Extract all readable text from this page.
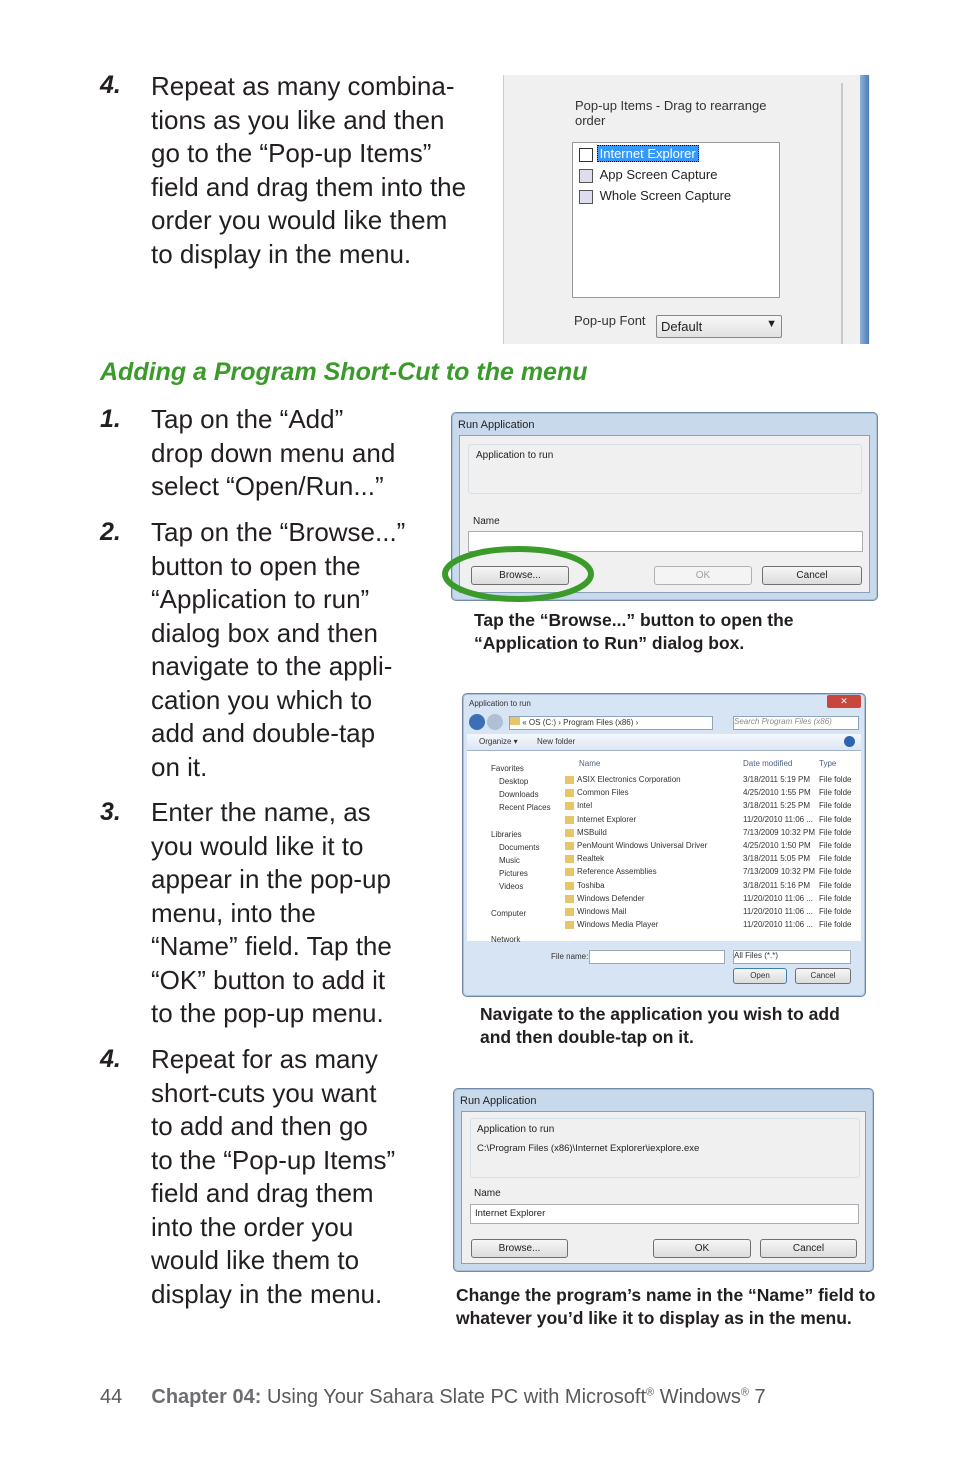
4. Repeat as many combina-
tions as you like and then
go to the “Pop-up Items”
field and drag them into the
order you would like them
to display in the menu.
Pop-up Items - Drag to rearrange
order
Internet Explorer
App Screen Capture
Whole Screen Capture
Pop-up Font Default	▼
Adding a Program Short-Cut to the menu
1. Tap on the “Add”
drop down menu and
select “Open/Run...”
2. Tap on the “Browse...”
button to open the
“Application to run”
dialog box and then
navigate to the appli-
cation you which to
add and double-tap
on it.
3. Enter the name, as
you would like it to
appear in the pop-up
menu, into the
“Name” field. Tap the
“OK” button to add it
to the pop-up menu.
4. Repeat for as many
short-cuts you want
to add and then go
to the “Pop-up Items”
field and drag them
into the order you
would like them to
display in the menu.
Run Application
Application to run
Name
Browse...	OK	Cancel
Tap the “Browse...” button to open the
“Application to Run” dialog box.
Application to run	✕
« OS (C:) › Program Files (x86) ›	Search Program Files (x86)
Organize ▾ New folder
Favorites
Desktop
Downloads
Recent Places
Libraries
Documents
Music
Pictures
Videos
Computer
Network
Name	Date modified	Type
ASIX Electronics Corporation	3/18/2011 5:19 PM File folde
Common Files	4/25/2010 1:55 PM File folde
Intel	3/18/2011 5:25 PM File folde
Internet Explorer	11/20/2010 11:06 ... File folde
MSBuild	7/13/2009 10:32 PM File folde
PenMount Windows Universal Driver	4/25/2010 1:50 PM File folde
Realtek	3/18/2011 5:05 PM File folde
Reference Assemblies	7/13/2009 10:32 PM File folde
Toshiba	3/18/2011 5:16 PM File folde
Windows Defender	11/20/2010 11:06 ... File folde
Windows Mail	11/20/2010 11:06 ... File folde
Windows Media Player	11/20/2010 11:06 ... File folde
File name:	All Files (*.*)
Open	Cancel
Navigate to the application you wish to add
and then double-tap on it.
Run Application
Application to run
C:\Program Files (x86)\Internet Explorer\iexplore.exe
Name
Internet Explorer
Browse...	OK	Cancel
Change the program’s name in the “Name” field to
whatever you’d like it to display as in the menu.
44 Chapter 04: Using Your Sahara Slate PC with Microsoft® Windows® 7
